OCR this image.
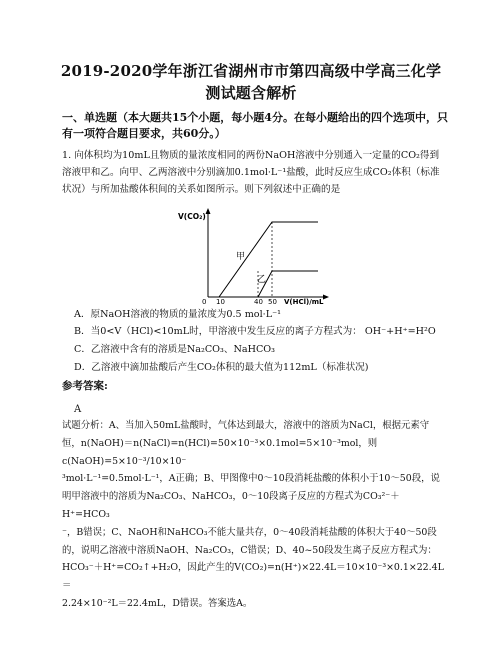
2019-2020学年浙江省湖州市市第四高级中学高三化学
测试题含解析
一、单选题（本大题共15个小题，每小题4分。在每小题给出的四个选项中，只有一项符合题目要求，共60分。）
1. 向体积均为10mL且物质的量浓度相同的两份NaOH溶液中分别通入一定量的CO₂得到溶液甲和乙。向甲、乙两溶液中分别滴加0.1mol·L⁻¹盐酸，此时反应生成CO₂体积（标准状况）与所加盐酸体积间的关系如图所示。则下列叙述中正确的是
V(CO₂)
V(HCl)/mL
0 10	40 50
甲
乙
A．原NaOH溶液的物质的量浓度为0.5 mol·L⁻¹
B．当0<V（HCl)<10mL时，甲溶液中发生反应的离子方程式为： OH⁻+H⁺=H²O
C．乙溶液中含有的溶质是Na₂CO₃、NaHCO₃
D．乙溶液中滴加盐酸后产生CO₂体积的最大值为112mL（标准状况)
参考答案:
A
试题分析：A、当加入50mL盐酸时，气体达到最大，溶液中的溶质为NaCl，根据元素守
恒，n(NaOH)＝n(NaCl)=n(HCl)=50×10⁻³×0.1mol=5×10⁻³mol，则c(NaOH)=5×10⁻³/10×10⁻
³mol·L⁻¹=0.5mol·L⁻¹，A正确；B、甲图像中0～10段消耗盐酸的体积小于10～50段，说
明甲溶液中的溶质为Na₂CO₃、NaHCO₃，0～10段离子反应的方程式为CO₃²⁻＋H⁺=HCO₃
⁻，B错误；C、NaOH和NaHCO₃不能大量共存，0～40段消耗盐酸的体积大于40～50段
的，说明乙溶液中溶质NaOH、Na₂CO₃，C错误；D、40~50段发生离子反应方程式为：
HCO₃⁻＋H⁺=CO₂↑+H₂O，因此产生的V(CO₂)=n(H⁺)×22.4L＝10×10⁻³×0.1×22.4L＝
2.24×10⁻²L＝22.4mL，D错误。答案选A。
